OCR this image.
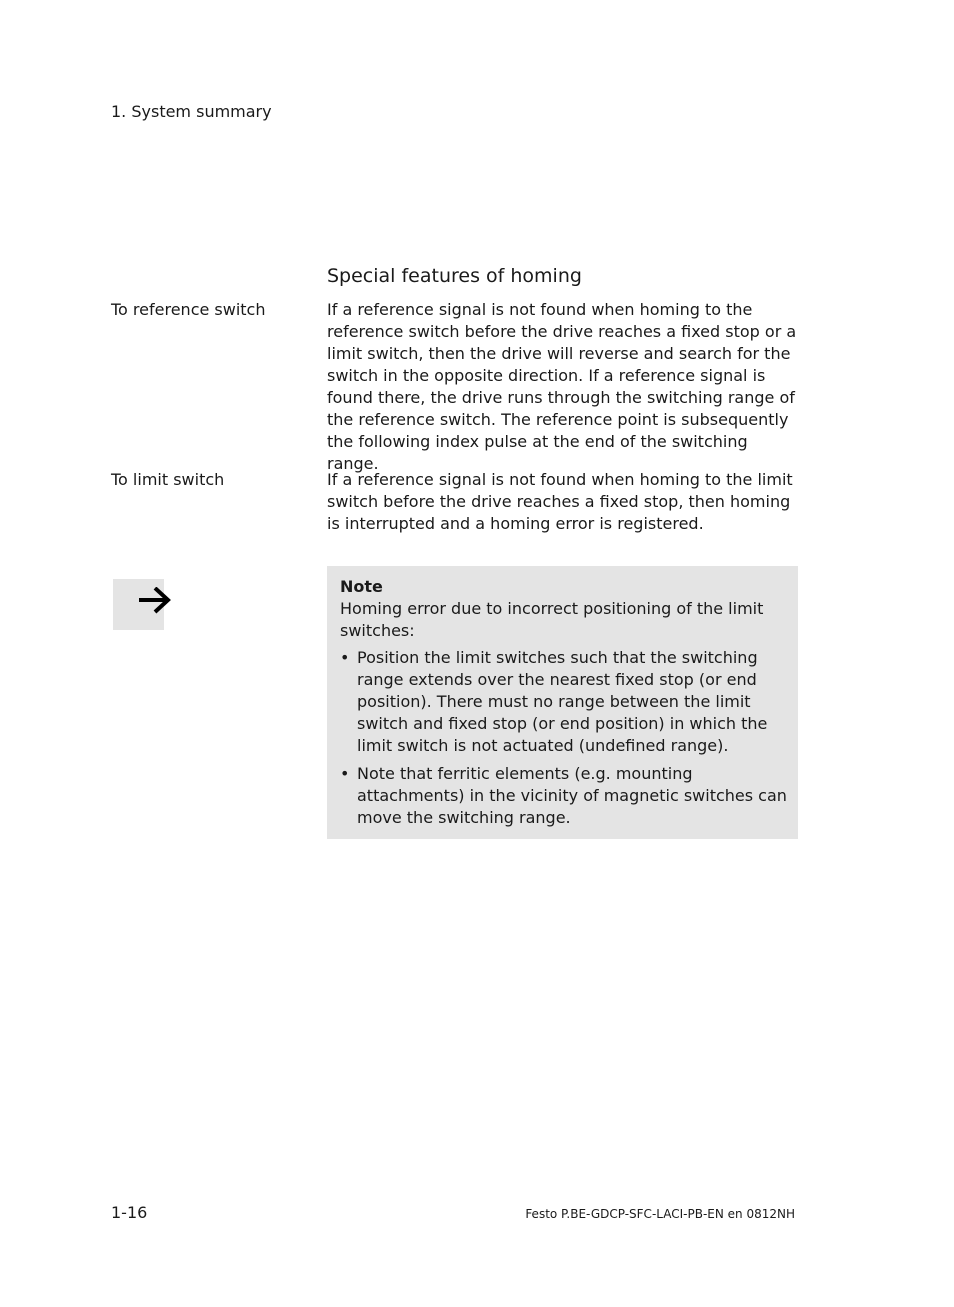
1. System summary
Special features of homing
To reference switch	If a reference signal is not found when homing to the reference switch before the drive reaches a fixed stop or a limit switch, then the drive will reverse and search for the switch in the opposite direction. If a reference signal is found there, the drive runs through the switching range of the reference switch. The reference point is subsequently the following index pulse at the end of the switching range.

To limit switch	If a reference signal is not found when homing to the limit switch before the drive reaches a fixed stop, then homing is interrupted and a homing error is registered.

Note

Homing error due to incorrect positioning of the limit switches:

• Position the limit switches such that the switching range extends over the nearest fixed stop (or end position). There must no range between the limit switch and fixed stop (or end position) in which the limit switch is not actuated (undefined range).
• Note that ferritic elements (e.g. mounting attachments) in the vicinity of magnetic switches can move the switching range.
1-16	Festo P.BE-GDCP-SFC-LACI-PB-EN en 0812NH
